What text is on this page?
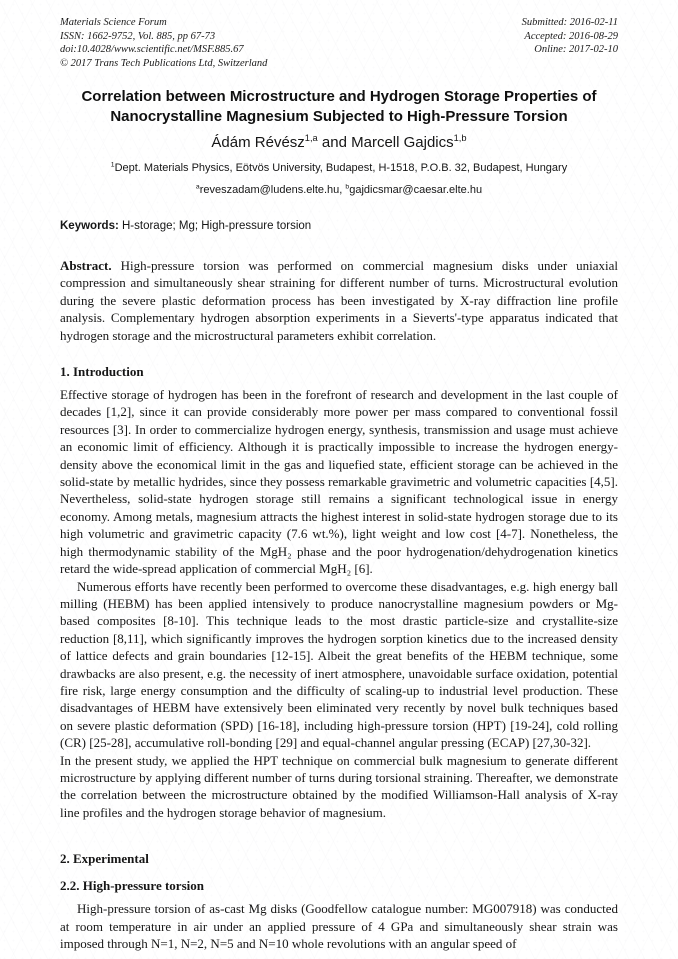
Materials Science Forum
ISSN: 1662-9752, Vol. 885, pp 67-73
doi:10.4028/www.scientific.net/MSF.885.67
© 2017 Trans Tech Publications Ltd, Switzerland
Submitted: 2016-02-11
Accepted: 2016-08-29
Online: 2017-02-10
Correlation between Microstructure and Hydrogen Storage Properties of Nanocrystalline Magnesium Subjected to High-Pressure Torsion
Ádám Révész$^{1,a}$ and Marcell Gajdics$^{1,b}$
$^1$Dept. Materials Physics, Eötvös University, Budapest, H-1518, P.O.B. 32, Budapest, Hungary
$^a$reveszadam@ludens.elte.hu, $^b$gajdicsmar@caesar.elte.hu
Keywords: H-storage; Mg; High-pressure torsion

Abstract. High-pressure torsion was performed on commercial magnesium disks under uniaxial compression and simultaneously shear straining for different number of turns. Microstructural evolution during the severe plastic deformation process has been investigated by X-ray diffraction line profile analysis. Complementary hydrogen absorption experiments in a Sieverts'-type apparatus indicated that hydrogen storage and the microstructural parameters exhibit correlation.

1. Introduction

Effective storage of hydrogen has been in the forefront of research and development in the last couple of decades [1,2], since it can provide considerably more power per mass compared to conventional fossil resources [3]. In order to commercialize hydrogen energy, synthesis, transmission and usage must achieve an economic limit of efficiency. Although it is practically impossible to increase the hydrogen energy-density above the economical limit in the gas and liquefied state, efficient storage can be achieved in the solid-state by metallic hydrides, since they possess remarkable gravimetric and volumetric capacities [4,5]. Nevertheless, solid-state hydrogen storage still remains a significant technological issue in energy economy. Among metals, magnesium attracts the highest interest in solid-state hydrogen storage due to its high volumetric and gravimetric capacity (7.6 wt.%), light weight and low cost [4-7]. Nonetheless, the high thermodynamic stability of the MgH₂ phase and the poor hydrogenation/dehydrogenation kinetics retard the wide-spread application of commercial MgH₂ [6].

Numerous efforts have recently been performed to overcome these disadvantages, e.g. high energy ball milling (HEBM) has been applied intensively to produce nanocrystalline magnesium powders or Mg-based composites [8-10]. This technique leads to the most drastic particle-size and crystallite-size reduction [8,11], which significantly improves the hydrogen sorption kinetics due to the increased density of lattice defects and grain boundaries [12-15]. Albeit the great benefits of the HEBM technique, some drawbacks are also present, e.g. the necessity of inert atmosphere, unavoidable surface oxidation, potential fire risk, large energy consumption and the difficulty of scaling-up to industrial level production. These disadvantages of HEBM have extensively been eliminated very recently by novel bulk techniques based on severe plastic deformation (SPD) [16-18], including high-pressure torsion (HPT) [19-24], cold rolling (CR) [25-28], accumulative roll-bonding [29] and equal-channel angular pressing (ECAP) [27,30-32].

In the present study, we applied the HPT technique on commercial bulk magnesium to generate different microstructure by applying different number of turns during torsional straining. Thereafter, we demonstrate the correlation between the microstructure obtained by the modified Williamson-Hall analysis of X-ray line profiles and the hydrogen storage behavior of magnesium.

2. Experimental
2.2. High-pressure torsion

High-pressure torsion of as-cast Mg disks (Goodfellow catalogue number: MG007918) was conducted at room temperature in air under an applied pressure of 4 GPa and simultaneously shear strain was imposed through N=1, N=2, N=5 and N=10 whole revolutions with an angular speed of
